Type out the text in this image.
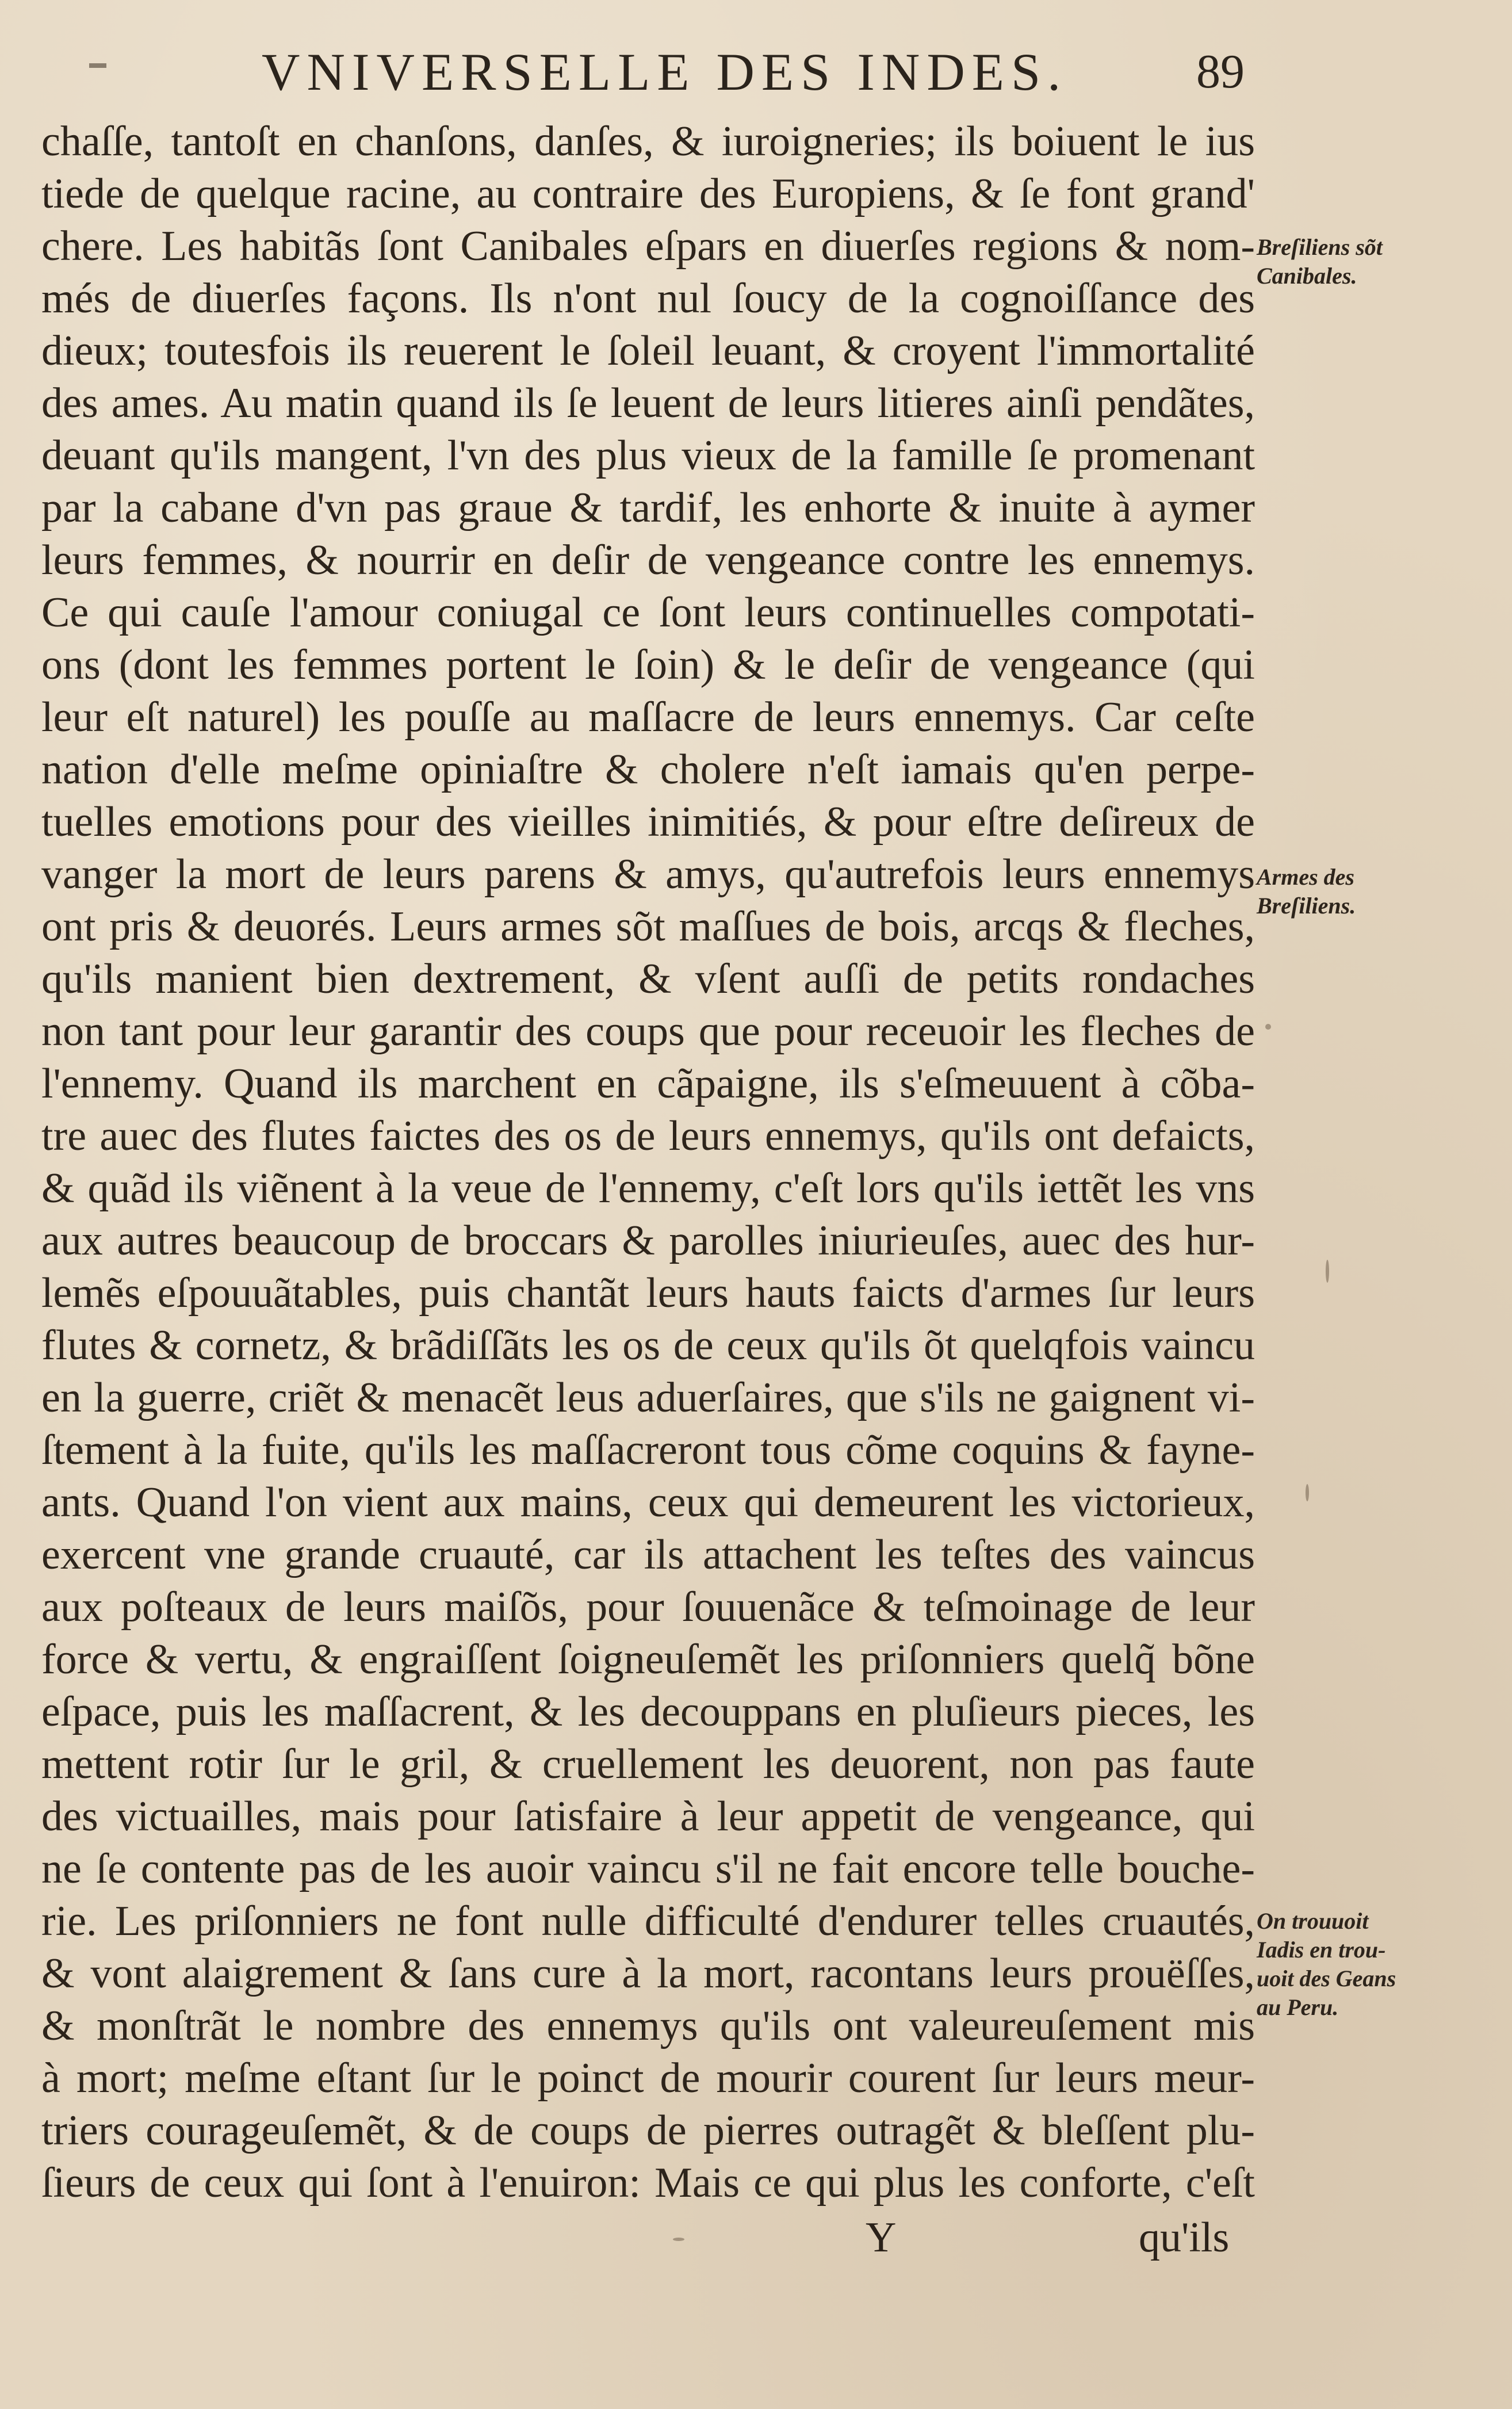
VNIVERSELLE DES INDES.	89
chaſſe, tantoſt en chanſons, danſes, & iuroigneries; ils boiuent le ius
tiede de quelque racine, au contraire des Europiens, & ſe font grand'
chere. Les habitãs ſont Canibales eſpars en diuerſes regions & nom-
més de diuerſes façons. Ils n'ont nul ſoucy de la cognoiſſance des
dieux; toutesfois ils reuerent le ſoleil leuant, & croyent l'immortalité
des ames. Au matin quand ils ſe leuent de leurs litieres ainſi pendãtes,
deuant qu'ils mangent, l'vn des plus vieux de la famille ſe promenant
par la cabane d'vn pas graue & tardif, les enhorte & inuite à aymer
leurs femmes, & nourrir en deſir de vengeance contre les ennemys.
Ce qui cauſe l'amour coniugal ce ſont leurs continuelles compotati-
ons (dont les femmes portent le ſoin) & le deſir de vengeance (qui
leur eſt naturel) les pouſſe au maſſacre de leurs ennemys. Car ceſte
nation d'elle meſme opiniaſtre & cholere n'eſt iamais qu'en perpe-
tuelles emotions pour des vieilles inimitiés, & pour eſtre deſireux de
vanger la mort de leurs parens & amys, qu'autrefois leurs ennemys
ont pris & deuorés. Leurs armes sõt maſſues de bois, arcqs & fleches,
qu'ils manient bien dextrement, & vſent auſſi de petits rondaches
non tant pour leur garantir des coups que pour receuoir les fleches de
l'ennemy. Quand ils marchent en cãpaigne, ils s'eſmeuuent à cõba-
tre auec des flutes faictes des os de leurs ennemys, qu'ils ont defaicts,
& quãd ils viẽnent à la veue de l'ennemy, c'eſt lors qu'ils iettẽt les vns
aux autres beaucoup de broccars & parolles iniurieuſes, auec des hur-
lemẽs eſpouuãtables, puis chantãt leurs hauts faicts d'armes ſur leurs
flutes & cornetz, & brãdiſſãts les os de ceux qu'ils õt quelqfois vaincu
en la guerre, criẽt & menacẽt leus aduerſaires, que s'ils ne gaignent vi-
ſtement à la fuite, qu'ils les maſſacreront tous cõme coquins & fayne-
ants. Quand l'on vient aux mains, ceux qui demeurent les victorieux,
exercent vne grande cruauté, car ils attachent les teſtes des vaincus
aux poſteaux de leurs maiſõs, pour ſouuenãce & teſmoinage de leur
force & vertu, & engraiſſent ſoigneuſemẽt les priſonniers quelq̃ bõne
eſpace, puis les maſſacrent, & les decouppans en pluſieurs pieces, les
mettent rotir ſur le gril, & cruellement les deuorent, non pas faute
des victuailles, mais pour ſatisfaire à leur appetit de vengeance, qui
ne ſe contente pas de les auoir vaincu s'il ne fait encore telle bouche-
rie. Les priſonniers ne font nulle difficulté d'endurer telles cruautés,
& vont alaigrement & ſans cure à la mort, racontans leurs prouëſſes,
& monſtrãt le nombre des ennemys qu'ils ont valeureuſement mis
à mort; meſme eſtant ſur le poinct de mourir courent ſur leurs meur-
triers courageuſemẽt, & de coups de pierres outragẽt & bleſſent plu-
ſieurs de ceux qui ſont à l'enuiron: Mais ce qui plus les conforte, c'eſt
Breſiliens sõt
Canibales.
Armes des
Breſiliens.
On trouuoit
Iadis en trou-
uoit des Geans
au Peru.
Y	qu'ils
